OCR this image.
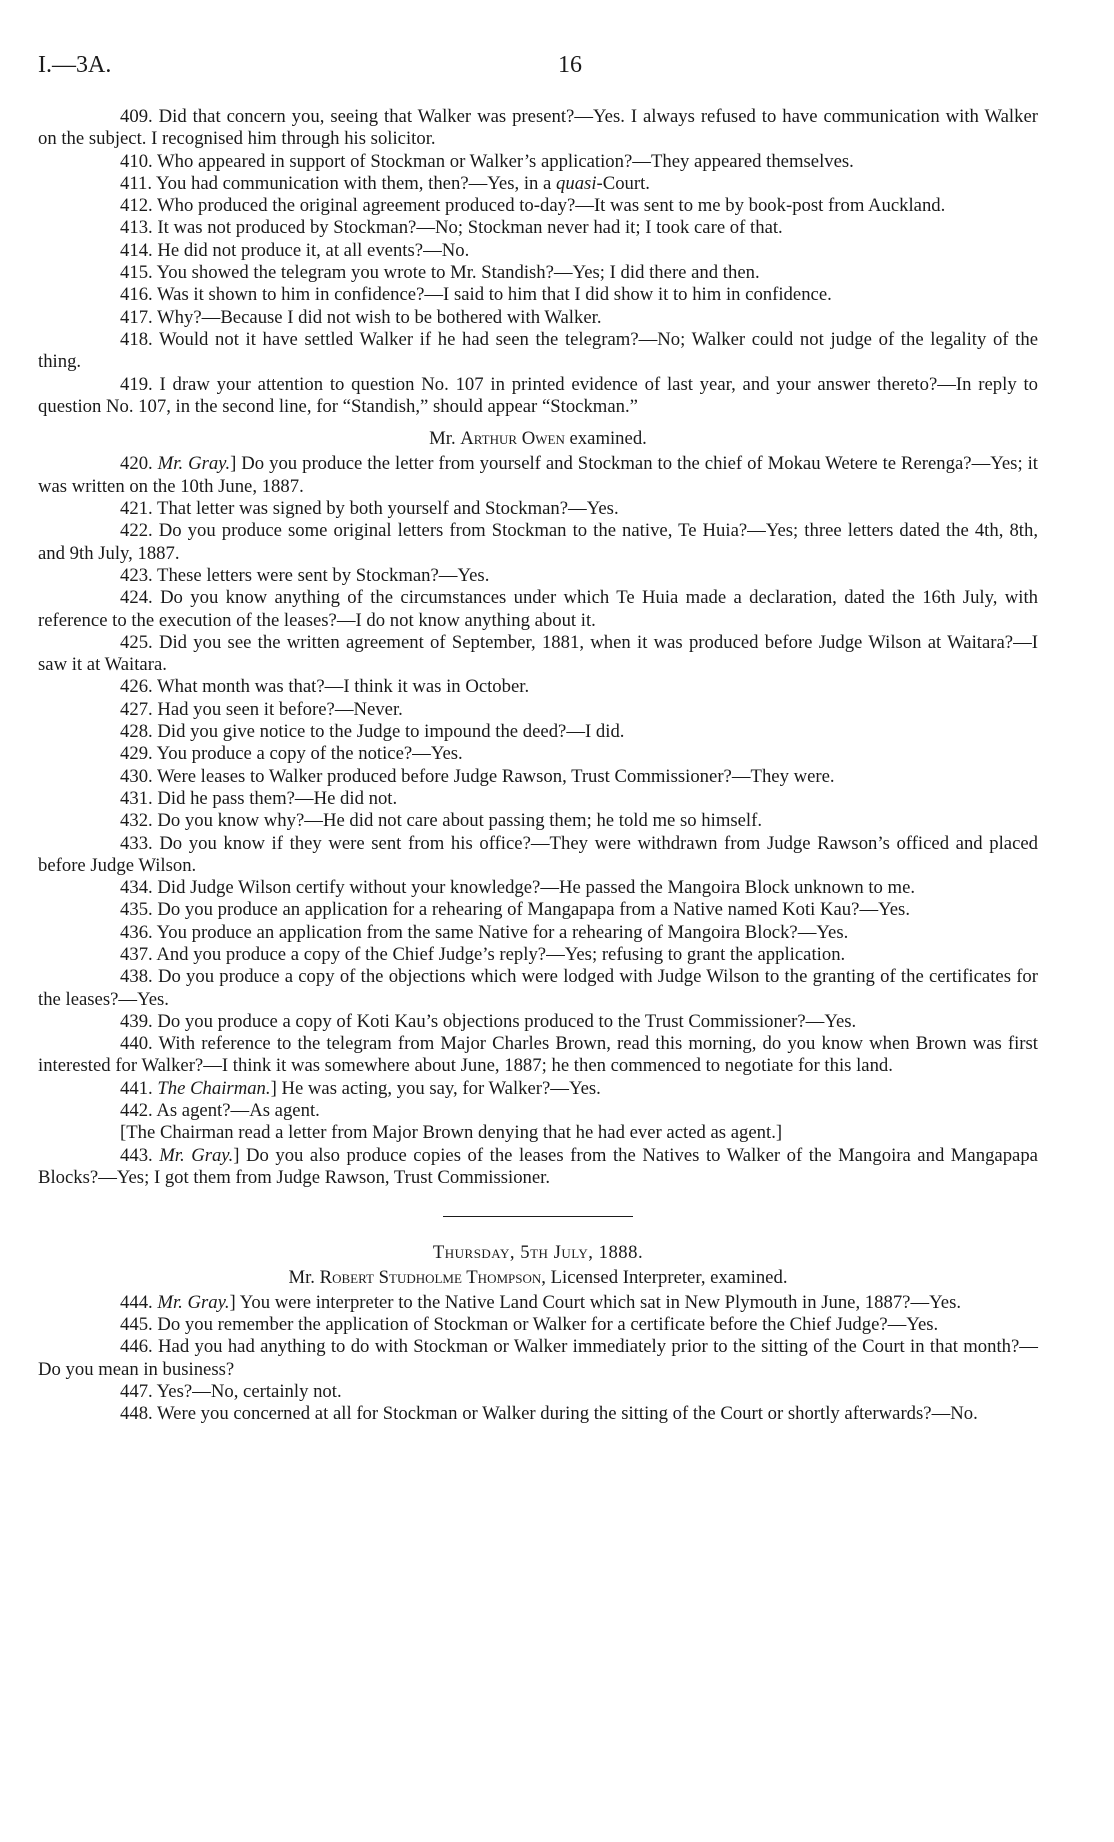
I.—3A.	16

409. Did that concern you, seeing that Walker was present?—Yes. I always refused to have communication with Walker on the subject. I recognised him through his solicitor.

410. Who appeared in support of Stockman or Walker’s application?—They appeared themselves.

411. You had communication with them, then?—Yes, in a quasi-Court.

412. Who produced the original agreement produced to-day?—It was sent to me by book-post from Auckland.

413. It was not produced by Stockman?—No; Stockman never had it; I took care of that.

414. He did not produce it, at all events?—No.

415. You showed the telegram you wrote to Mr. Standish?—Yes; I did there and then.

416. Was it shown to him in confidence?—I said to him that I did show it to him in confidence.

417. Why?—Because I did not wish to be bothered with Walker.

418. Would not it have settled Walker if he had seen the telegram?—No; Walker could not judge of the legality of the thing.

419. I draw your attention to question No. 107 in printed evidence of last year, and your answer thereto?—In reply to question No. 107, in the second line, for “Standish,” should appear “Stockman.”

Mr. Arthur Owen examined.

420. Mr. Gray.] Do you produce the letter from yourself and Stockman to the chief of Mokau Wetere te Rerenga?—Yes; it was written on the 10th June, 1887.

421. That letter was signed by both yourself and Stockman?—Yes.

422. Do you produce some original letters from Stockman to the native, Te Huia?—Yes; three letters dated the 4th, 8th, and 9th July, 1887.

423. These letters were sent by Stockman?—Yes.

424. Do you know anything of the circumstances under which Te Huia made a declaration, dated the 16th July, with reference to the execution of the leases?—I do not know anything about it.

425. Did you see the written agreement of September, 1881, when it was produced before Judge Wilson at Waitara?—I saw it at Waitara.

426. What month was that?—I think it was in October.

427. Had you seen it before?—Never.

428. Did you give notice to the Judge to impound the deed?—I did.

429. You produce a copy of the notice?—Yes.

430. Were leases to Walker produced before Judge Rawson, Trust Commissioner?—They were.

431. Did he pass them?—He did not.

432. Do you know why?—He did not care about passing them; he told me so himself.

433. Do you know if they were sent from his office?—They were withdrawn from Judge Rawson’s officed and placed before Judge Wilson.

434. Did Judge Wilson certify without your knowledge?—He passed the Mangoira Block unknown to me.

435. Do you produce an application for a rehearing of Mangapapa from a Native named Koti Kau?—Yes.

436. You produce an application from the same Native for a rehearing of Mangoira Block?—Yes.

437. And you produce a copy of the Chief Judge’s reply?—Yes; refusing to grant the application.

438. Do you produce a copy of the objections which were lodged with Judge Wilson to the granting of the certificates for the leases?—Yes.

439. Do you produce a copy of Koti Kau’s objections produced to the Trust Commissioner?—Yes.

440. With reference to the telegram from Major Charles Brown, read this morning, do you know when Brown was first interested for Walker?—I think it was somewhere about June, 1887; he then commenced to negotiate for this land.

441. The Chairman.] He was acting, you say, for Walker?—Yes.

442. As agent?—As agent.

[The Chairman read a letter from Major Brown denying that he had ever acted as agent.]

443. Mr. Gray.] Do you also produce copies of the leases from the Natives to Walker of the Mangoira and Mangapapa Blocks?—Yes; I got them from Judge Rawson, Trust Commissioner.

Thursday, 5th July, 1888.

Mr. Robert Studholme Thompson, Licensed Interpreter, examined.

444. Mr. Gray.] You were interpreter to the Native Land Court which sat in New Plymouth in June, 1887?—Yes.

445. Do you remember the application of Stockman or Walker for a certificate before the Chief Judge?—Yes.

446. Had you had anything to do with Stockman or Walker immediately prior to the sitting of the Court in that month?—Do you mean in business?

447. Yes?—No, certainly not.

448. Were you concerned at all for Stockman or Walker during the sitting of the Court or shortly afterwards?—No.
